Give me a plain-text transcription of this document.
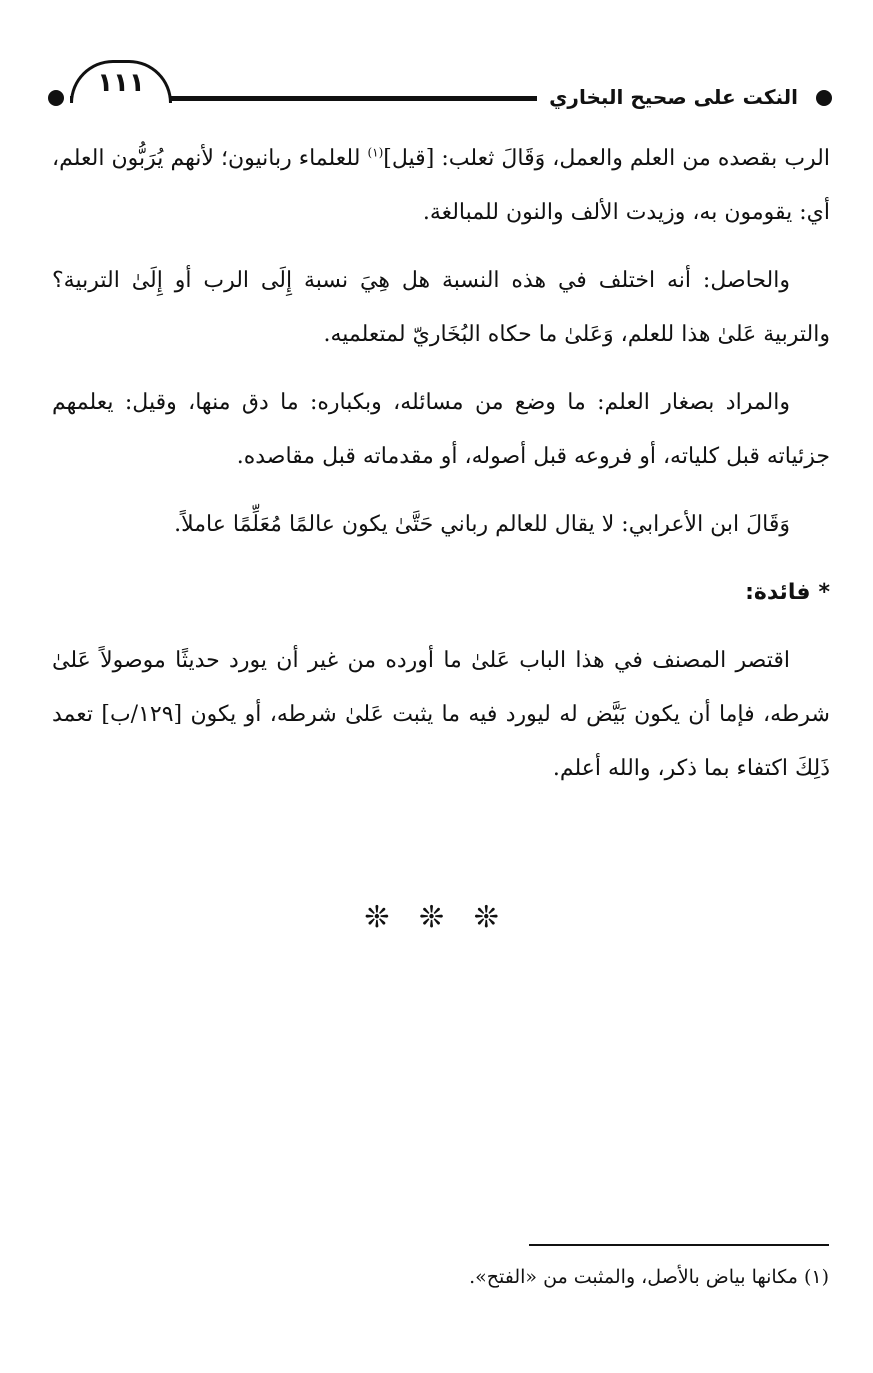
١١١	النكت على صحيح البخاري

الرب بقصده من العلم والعمل، وَقَالَ ثعلب: [قيل]$^{(١)}$ للعلماء ربانيون؛ لأنهم يُرَبُّون العلم، أي: يقومون به، وزيدت الألف والنون للمبالغة.

والحاصل: أنه اختلف في هذه النسبة هل هِيَ نسبة إِلَى الرب أو إِلَىٰ التربية؟ والتربية عَلىٰ هذا للعلم، وَعَلىٰ ما حكاه البُخَاريّ لمتعلميه.

والمراد بصغار العلم: ما وضع من مسائله، وبكباره: ما دق منها، وقيل: يعلمهم جزئياته قبل كلياته، أو فروعه قبل أصوله، أو مقدماته قبل مقاصده.

وَقَالَ ابن الأعرابي: لا يقال للعالم رباني حَتَّىٰ يكون عالمًا مُعَلِّمًا عاملاً.

*فائدة:

اقتصر المصنف في هذا الباب عَلىٰ ما أورده من غير أن يورد حديثًا موصولاً عَلىٰ شرطه، فإما أن يكون بَيَّض له ليورد فيه ما يثبت عَلىٰ شرطه، أو يكون [١٢٩/ب] تعمد ذَلِكَ اكتفاء بما ذكر، والله أعلم.

❊ ❊ ❊
(١) مكانها بياض بالأصل، والمثبت من «الفتح».
